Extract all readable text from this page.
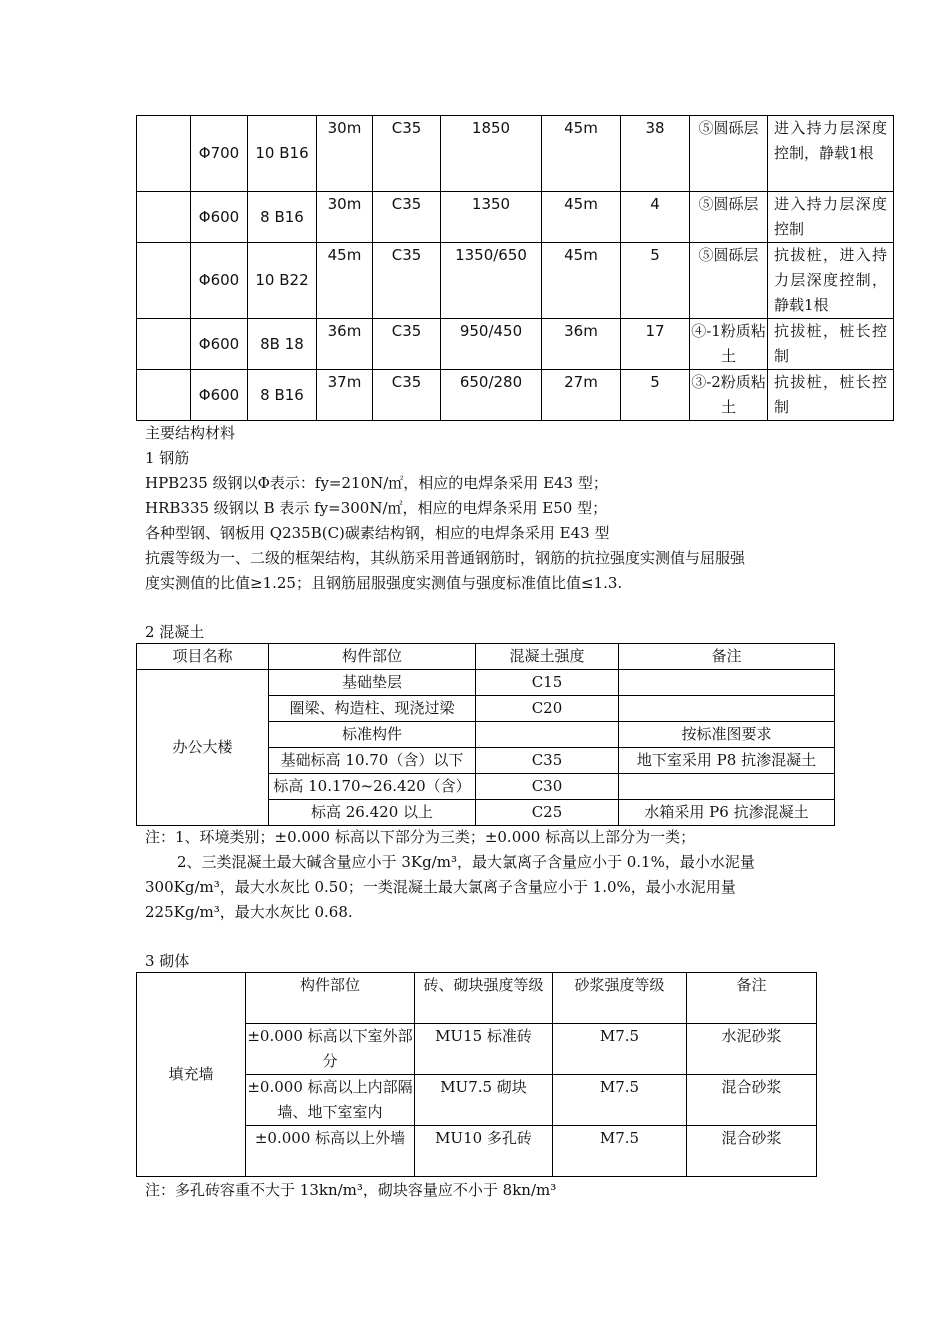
	Φ700	10 B16	30m	C35	1850	45m	38	⑤圆砾层	进入持力层深度控制，静载1根
	Φ600	8 B16	30m	C35	1350	45m	4	⑤圆砾层	进入持力层深度控制
	Φ600	10 B22	45m	C35	1350/650	45m	5	⑤圆砾层	抗拔桩，进入持力层深度控制，静载1根
	Φ600	8B 18	36m	C35	950/450	36m	17	④-1粉质粘土	抗拔桩，桩长控制
	Φ600	8 B16	37m	C35	650/280	27m	5	③-2粉质粘土	抗拔桩，桩长控制
主要结构材料
1 钢筋
HPB235 级钢以Φ表示：fy=210N/㎡，相应的电焊条采用 E43 型；
HRB335 级钢以 B 表示 fy=300N/㎡，相应的电焊条采用 E50 型；
各种型钢、钢板用 Q235B(C)碳素结构钢，相应的电焊条采用 E43 型
抗震等级为一、二级的框架结构，其纵筋采用普通钢筋时，钢筋的抗拉强度实测值与屈服强
度实测值的比值≥1.25；且钢筋屈服强度实测值与强度标准值比值≤1.3.
2 混凝土
项目名称	构件部位	混凝土强度	备注
办公大楼	基础垫层	C15	
	圈梁、构造柱、现浇过梁	C20	
	标准构件		按标准图要求
	基础标高 10.70（含）以下	C35	地下室采用 P8 抗渗混凝土
	标高 10.170~26.420（含）	C30	
	标高 26.420 以上	C25	水箱采用 P6 抗渗混凝土
注：1、环境类别；±0.000 标高以下部分为三类；±0.000 标高以上部分为一类；
2、三类混凝土最大碱含量应小于 3Kg/m³，最大氯离子含量应小于 0.1%，最小水泥量
300Kg/m³，最大水灰比 0.50；一类混凝土最大氯离子含量应小于 1.0%，最小水泥用量
225Kg/m³，最大水灰比 0.68.
3 砌体
填充墙	构件部位	砖、砌块强度等级	砂浆强度等级	备注
	±0.000 标高以下室外部分	MU15 标准砖	M7.5	水泥砂浆
	±0.000 标高以上内部隔墙、地下室室内	MU7.5 砌块	M7.5	混合砂浆
	±0.000 标高以上外墙	MU10 多孔砖	M7.5	混合砂浆
注：多孔砖容重不大于 13kn/m³，砌块容量应不小于 8kn/m³
